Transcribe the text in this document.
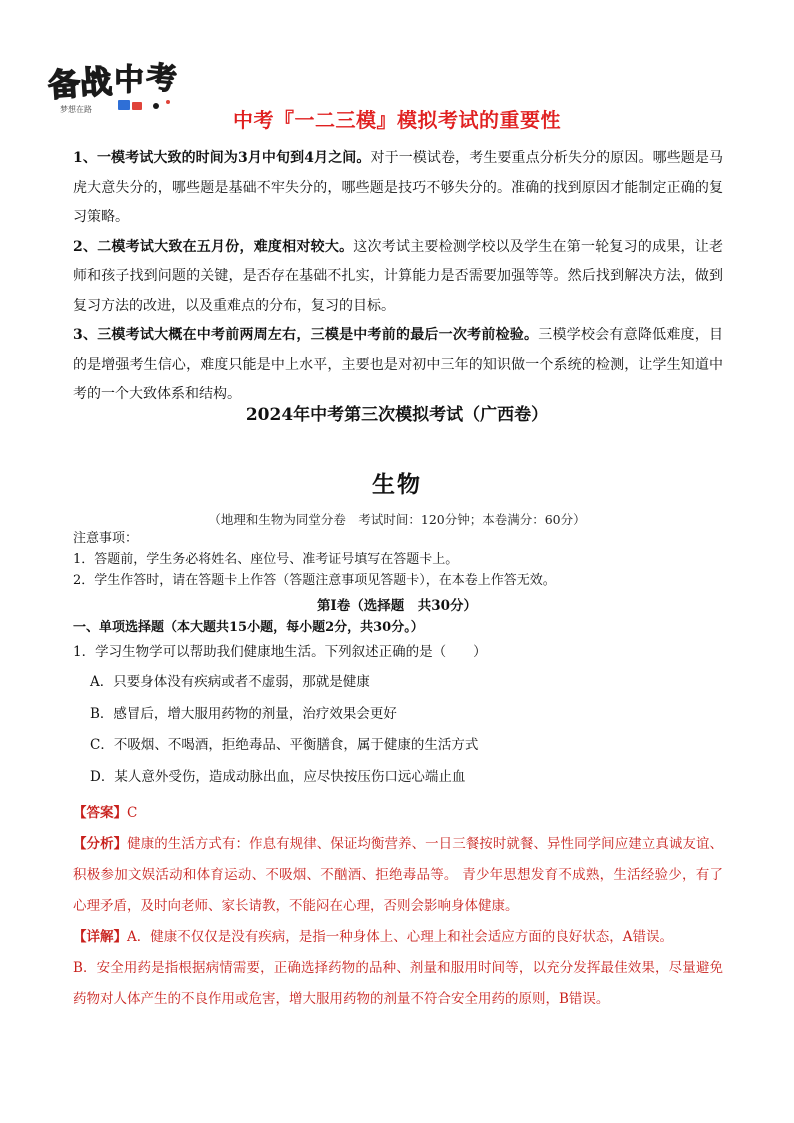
备战 中 考
梦想在路	中考『一二三模』模拟考试的重要性

1、一模考试大致的时间为3月中旬到4月之间。对于一模试卷，考生要重点分析失分的原因。哪些题是马虎大意失分的，哪些题是基础不牢失分的，哪些题是技巧不够失分的。准确的找到原因才能制定正确的复习策略。

2、二模考试大致在五月份，难度相对较大。这次考试主要检测学校以及学生在第一轮复习的成果，让老师和孩子找到问题的关键，是否存在基础不扎实，计算能力是否需要加强等等。然后找到解决方法，做到复习方法的改进，以及重难点的分布，复习的目标。

3、三模考试大概在中考前两周左右，三模是中考前的最后一次考前检验。三模学校会有意降低难度，目的是增强考生信心，难度只能是中上水平，主要也是对初中三年的知识做一个系统的检测，让学生知道中考的一个大致体系和结构。

2024年中考第三次模拟考试（广西卷）
生物
（地理和生物为同堂分卷　考试时间：120分钟；本卷满分：60分）
注意事项：
1．答题前，学生务必将姓名、座位号、准考证号填写在答题卡上。
2．学生作答时，请在答题卡上作答（答题注意事项见答题卡），在本卷上作答无效。
第Ⅰ卷（选择题　共30分）
一、单项选择题（本大题共15小题，每小题2分，共30分。）
1．学习生物学可以帮助我们健康地生活。下列叙述正确的是（　　）
A．只要身体没有疾病或者不虚弱，那就是健康
B．感冒后，增大服用药物的剂量，治疗效果会更好
C．不吸烟、不喝酒，拒绝毒品、平衡膳食，属于健康的生活方式
D．某人意外受伤，造成动脉出血，应尽快按压伤口远心端止血

【答案】C

【分析】健康的生活方式有：作息有规律、保证均衡营养、一日三餐按时就餐、异性同学间应建立真诚友谊、积极参加文娱活动和体育运动、不吸烟、不酗酒、拒绝毒品等。 青少年思想发育不成熟，生活经验少，有了心理矛盾，及时向老师、家长请教，不能闷在心理，否则会影响身体健康。

【详解】A．健康不仅仅是没有疾病，是指一种身体上、心理上和社会适应方面的良好状态，A错误。

B．安全用药是指根据病情需要，正确选择药物的品种、剂量和服用时间等，以充分发挥最佳效果，尽量避免药物对人体产生的不良作用或危害，增大服用药物的剂量不符合安全用药的原则，B错误。
